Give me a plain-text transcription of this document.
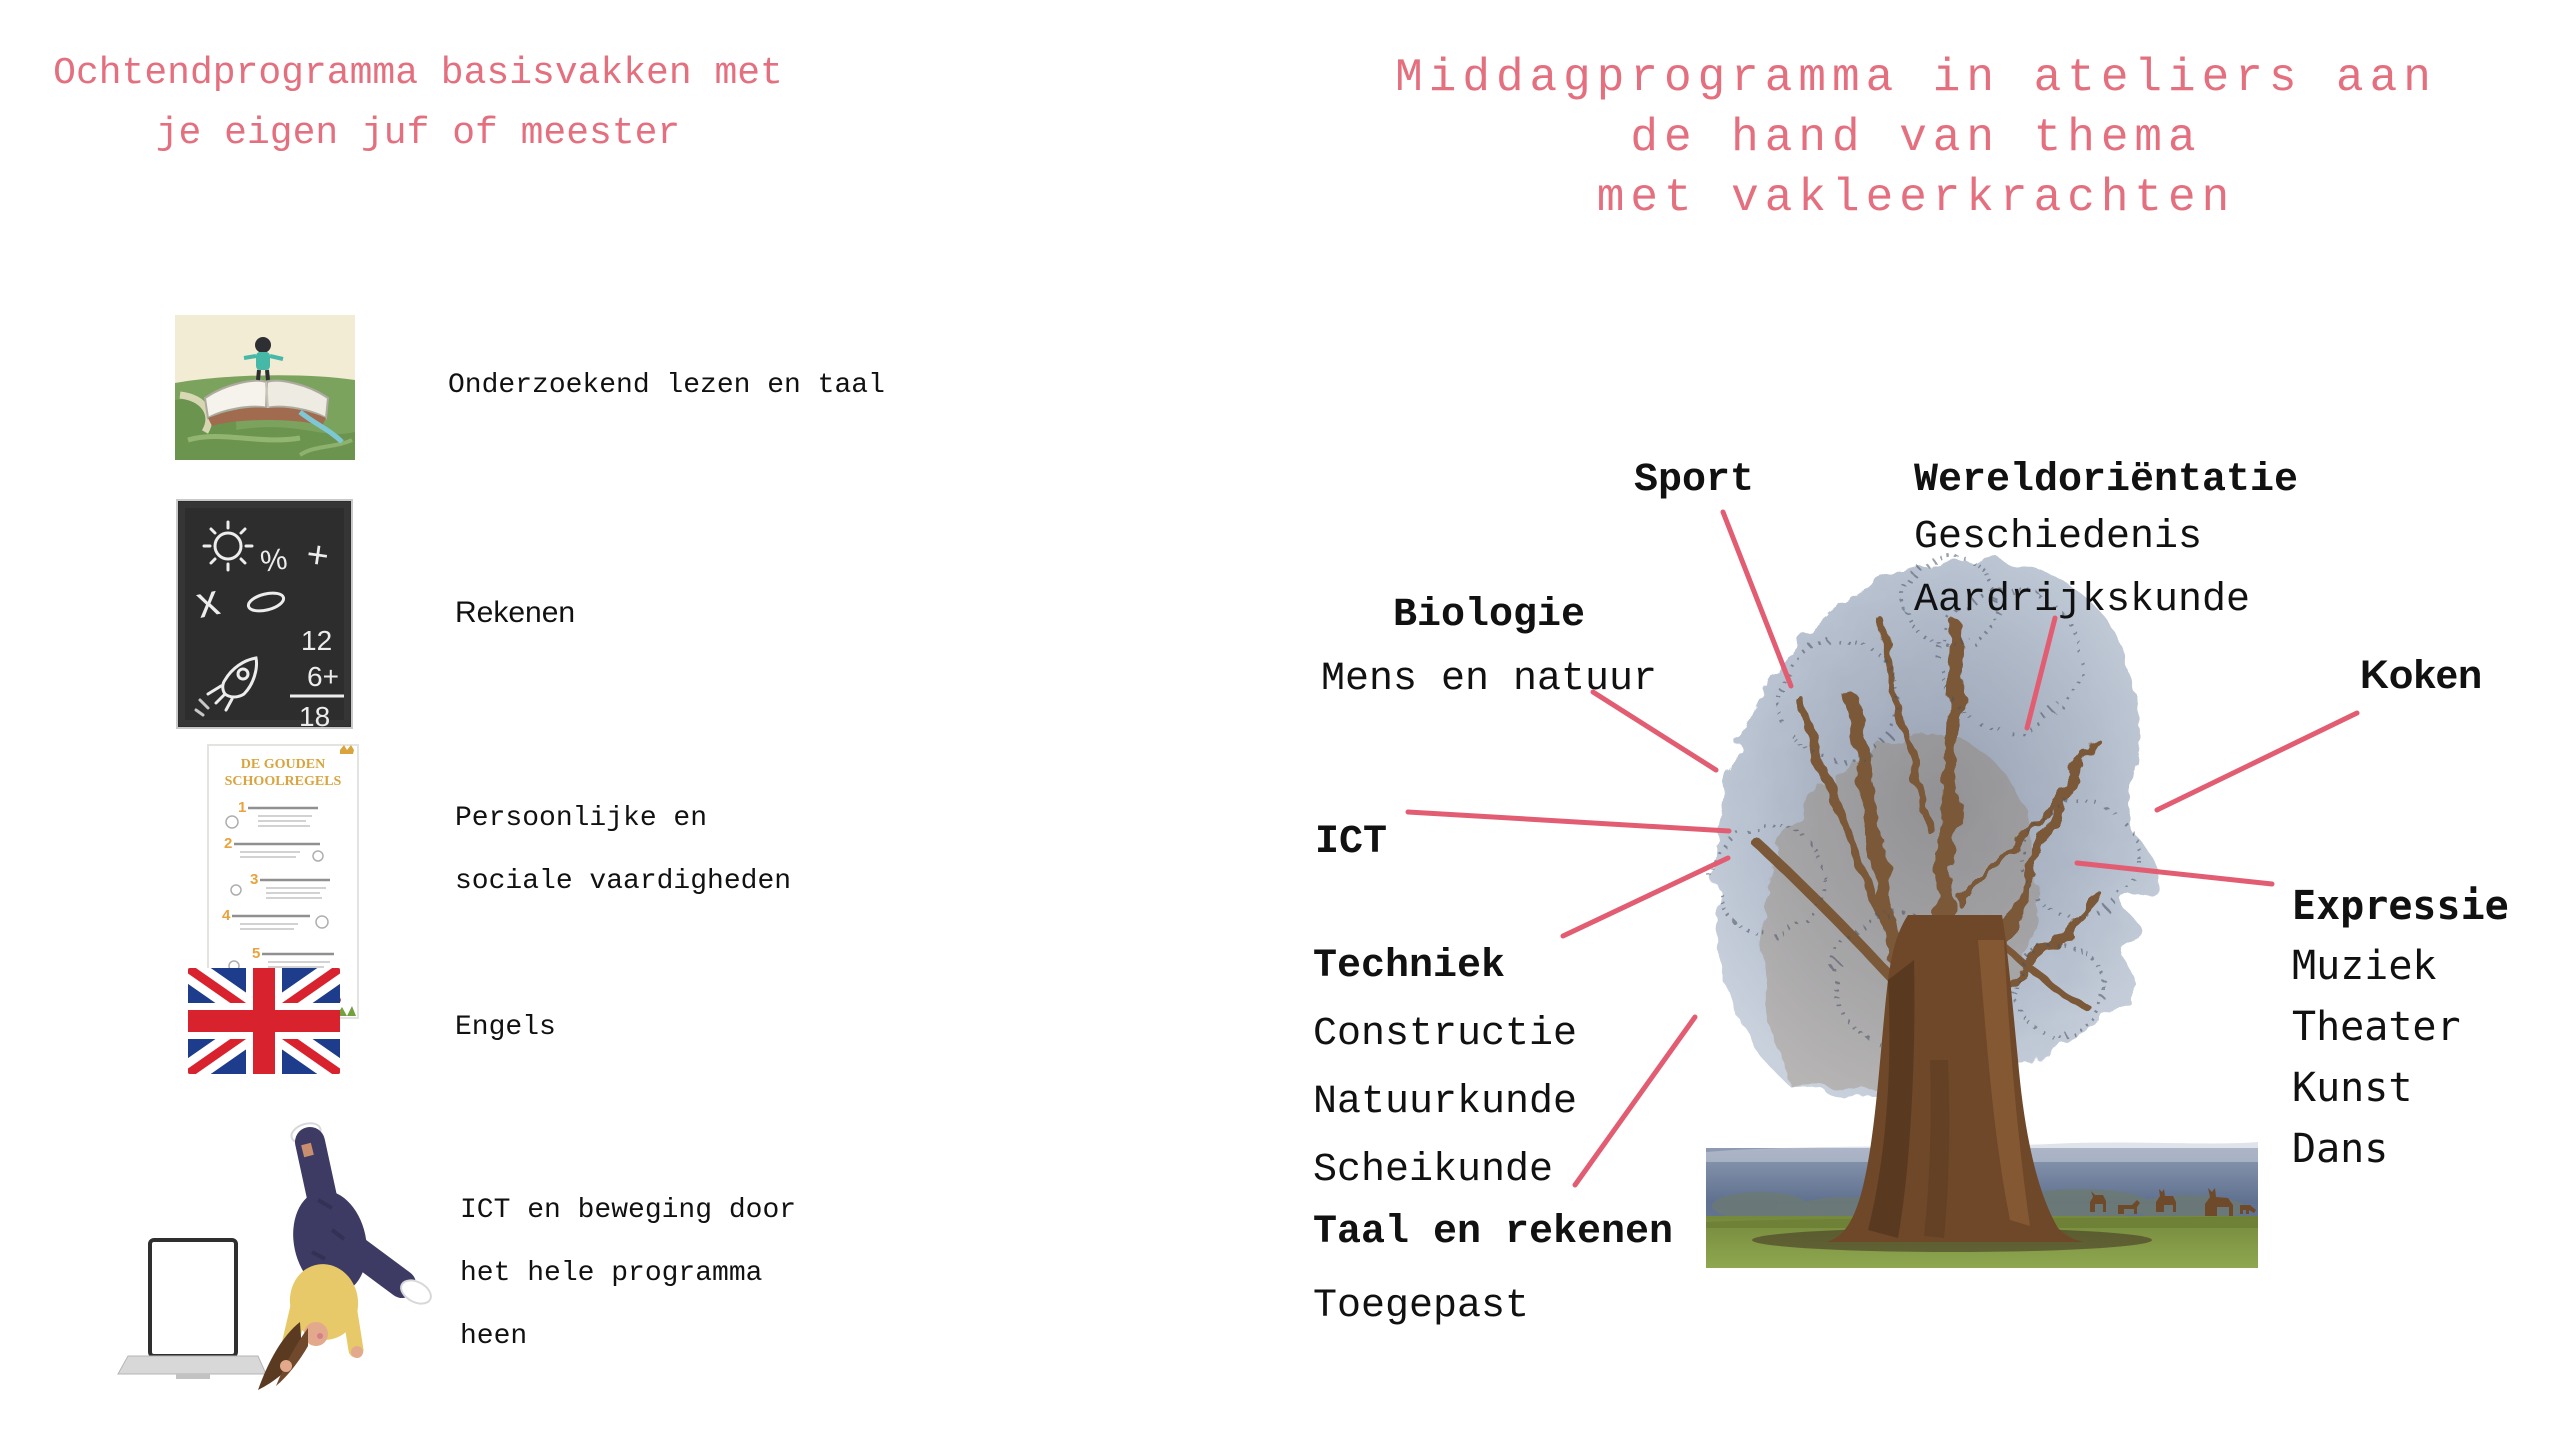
% +
x
12
6+
18
DE GOUDEN
SCHOOLREGELS
1
2
3
4
5
Ochtendprogramma basisvakken met
je eigen juf of meester
Middagprogramma in ateliers aan
de hand van thema
met vakleerkrachten
Onderzoekend lezen en taal
Rekenen
Persoonlijke en
sociale vaardigheden
Engels
ICT en beweging door
het hele programma
heen
Sport	Wereldoriëntatie
Geschiedenis
Aardrijkskunde
Koken
Biologie
Mens en natuur
ICT
Techniek
Constructie
Natuurkunde
Scheikunde
Taal en rekenen
Toegepast
Expressie
Muziek
Theater
Kunst
Dans
